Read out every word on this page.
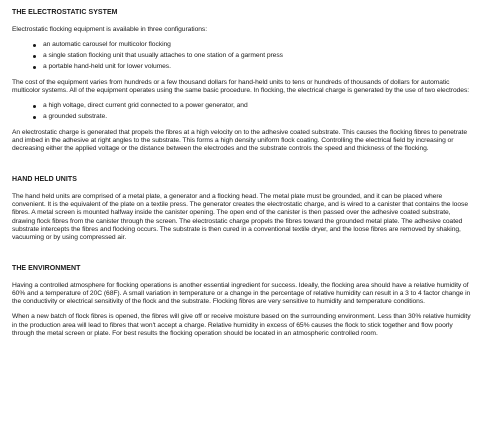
THE ELECTROSTATIC SYSTEM

Electrostatic flocking equipment is available in three configurations:

an automatic carousel for multicolor flocking
a single station flocking unit that usually attaches to one station of a garment press
a portable hand-held unit for lower volumes.

The cost of the equipment varies from hundreds or a few thousand dollars for hand-held units to tens or hundreds of thousands of dollars for automatic multicolor systems. All of the equipment operates using the same basic procedure. In flocking, the electrical charge is generated by the use of two electrodes:

a high voltage, direct current grid connected to a power generator, and
a grounded substrate.

An electrostatic charge is generated that propels the fibres at a high velocity on to the adhesive coated substrate. This causes the flocking fibres to penetrate and imbed in the adhesive at right angles to the substrate. This forms a high density uniform flock coating. Controlling the electrical field by increasing or decreasing either the applied voltage or the distance between the electrodes and the substrate controls the speed and thickness of the flocking.

HAND HELD UNITS

The hand held units are comprised of a metal plate, a generator and a flocking head. The metal plate must be grounded, and it can be placed where convenient. It is the equivalent of the plate on a textile press. The generator creates the electrostatic charge, and is wired to a canister that contains the loose fibres. A metal screen is mounted halfway inside the canister opening. The open end of the canister is then passed over the adhesive coated substrate, drawing flock fibres from the canister through the screen. The electrostatic charge propels the fibres toward the grounded metal plate. The adhesive coated substrate intercepts the fibres and flocking occurs. The substrate is then cured in a conventional textile dryer, and the loose fibres are removed by shaking, vacuuming or by using compressed air.

THE ENVIRONMENT

Having a controlled atmosphere for flocking operations is another essential ingredient for success. Ideally, the flocking area should have a relative humidity of 60% and a temperature of 20C (68F). A small variation in temperature or a change in the percentage of relative humidity can result in a 3 to 4 factor change in the conductivity or electrical sensitivity of the flock and the substrate. Flocking fibres are very sensitive to humidity and temperature conditions.

When a new batch of flock fibres is opened, the fibres will give off or receive moisture based on the surrounding environment. Less than 30% relative humidity in the production area will lead to fibres that won't accept a charge. Relative humidity in excess of 65% causes the flock to stick together and flow poorly through the metal screen or plate. For best results the flocking operation should be located in an atmospheric controlled room.
